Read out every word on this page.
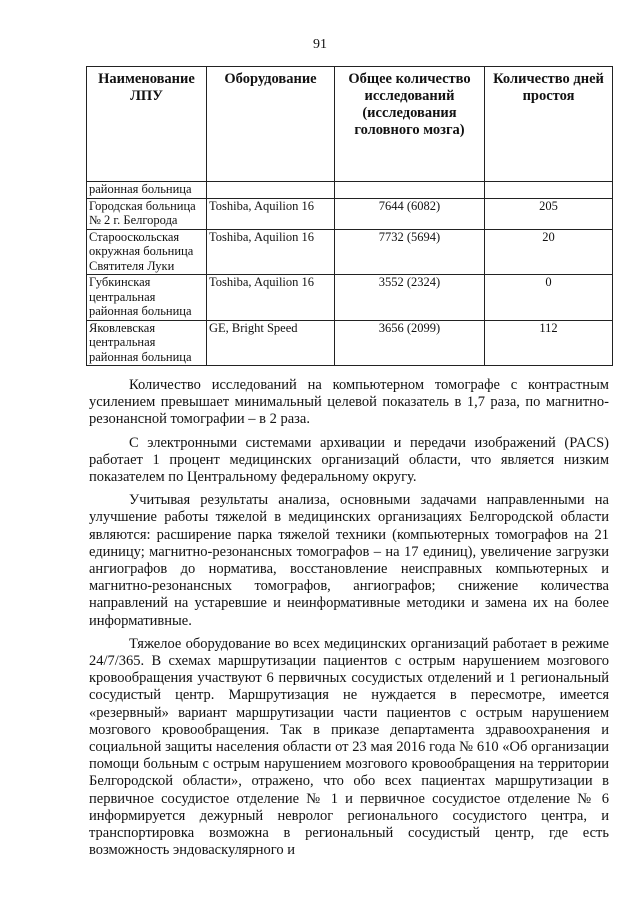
91
Наименование ЛПУ	Оборудование	Общее количество исследований (исследования головного мозга)	Количество дней простоя
районная больница			
Городская больница № 2 г. Белгорода	Toshiba, Aquilion 16	7644 (6082)	205
Старооскольская окружная больница Святителя Луки	Toshiba, Aquilion 16	7732 (5694)	20
Губкинская центральная районная больница	Toshiba, Aquilion 16	3552 (2324)	0
Яковлевская центральная районная больница	GE, Bright Speed	3656 (2099)	112

Количество исследований на компьютерном томографе с контрастным усилением превышает минимальный целевой показатель в 1,7 раза, по магнитно-резонансной томографии – в 2 раза.

С электронными системами архивации и передачи изображений (PACS) работает 1 процент медицинских организаций области, что является низким показателем по Центральному федеральному округу.

Учитывая результаты анализа, основными задачами направленными на улучшение работы тяжелой в медицинских организациях Белгородской области являются: расширение парка тяжелой техники (компьютерных томографов на 21 единицу; магнитно-резонансных томографов – на 17 единиц), увеличение загрузки ангиографов до норматива, восстановление неисправных компьютерных и магнитно-резонансных томографов, ангиографов; снижение количества направлений на устаревшие и неинформативные методики и замена их на более информативные.

Тяжелое оборудование во всех медицинских организаций работает в режиме 24/7/365. В схемах маршрутизации пациентов с острым нарушением мозгового кровообращения участвуют 6 первичных сосудистых отделений и 1 региональный сосудистый центр. Маршрутизация не нуждается в пересмотре, имеется «резервный» вариант маршрутизации части пациентов с острым нарушением мозгового кровообращения. Так в приказе департамента здравоохранения и социальной защиты населения области от 23 мая 2016 года № 610 «Об организации помощи больным с острым нарушением мозгового кровообращения на территории Белгородской области», отражено, что обо всех пациентах маршрутизации в первичное сосудистое отделение № 1 и первичное сосудистое отделение № 6 информируется дежурный невролог регионального сосудистого центра, и транспортировка возможна в региональный сосудистый центр, где есть возможность эндоваскулярного и
